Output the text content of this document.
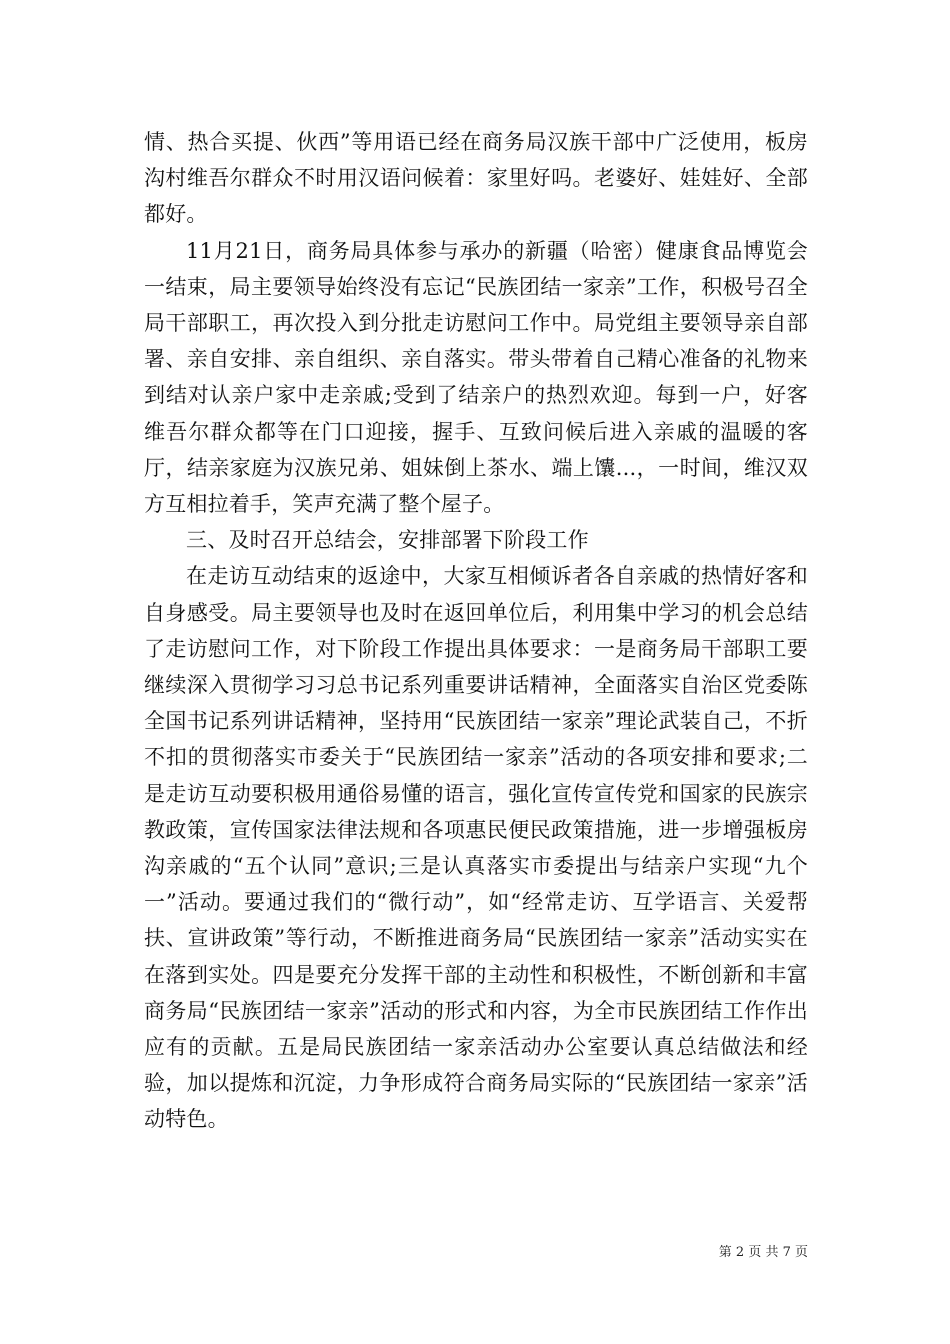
情、热合买提、伙西”等用语已经在商务局汉族干部中广泛使用，板房沟村维吾尔群众不时用汉语问候着：家里好吗。老婆好、娃娃好、全部都好。

11月21日，商务局具体参与承办的新疆（哈密）健康食品博览会一结束，局主要领导始终没有忘记“民族团结一家亲”工作，积极号召全局干部职工，再次投入到分批走访慰问工作中。局党组主要领导亲自部署、亲自安排、亲自组织、亲自落实。带头带着自己精心准备的礼物来到结对认亲户家中走亲戚;受到了结亲户的热烈欢迎。每到一户，好客维吾尔群众都等在门口迎接，握手、互致问候后进入亲戚的温暖的客厅，结亲家庭为汉族兄弟、姐妹倒上茶水、端上馕...，一时间，维汉双方互相拉着手，笑声充满了整个屋子。

三、及时召开总结会，安排部署下阶段工作

在走访互动结束的返途中，大家互相倾诉者各自亲戚的热情好客和自身感受。局主要领导也及时在返回单位后，利用集中学习的机会总结了走访慰问工作，对下阶段工作提出具体要求：一是商务局干部职工要继续深入贯彻学习习总书记系列重要讲话精神，全面落实自治区党委陈全国书记系列讲话精神，坚持用“民族团结一家亲”理论武装自己，不折不扣的贯彻落实市委关于“民族团结一家亲”活动的各项安排和要求;二是走访互动要积极用通俗易懂的语言，强化宣传宣传党和国家的民族宗教政策，宣传国家法律法规和各项惠民便民政策措施，进一步增强板房沟亲戚的“五个认同”意识;三是认真落实市委提出与结亲户实现“九个一”活动。要通过我们的“微行动”，如“经常走访、互学语言、关爱帮扶、宣讲政策”等行动，不断推进商务局“民族团结一家亲”活动实实在在落到实处。四是要充分发挥干部的主动性和积极性，不断创新和丰富商务局“民族团结一家亲”活动的形式和内容，为全市民族团结工作作出应有的贡献。五是局民族团结一家亲活动办公室要认真总结做法和经验，加以提炼和沉淀，力争形成符合商务局实际的“民族团结一家亲”活动特色。

第 2 页 共 7 页
